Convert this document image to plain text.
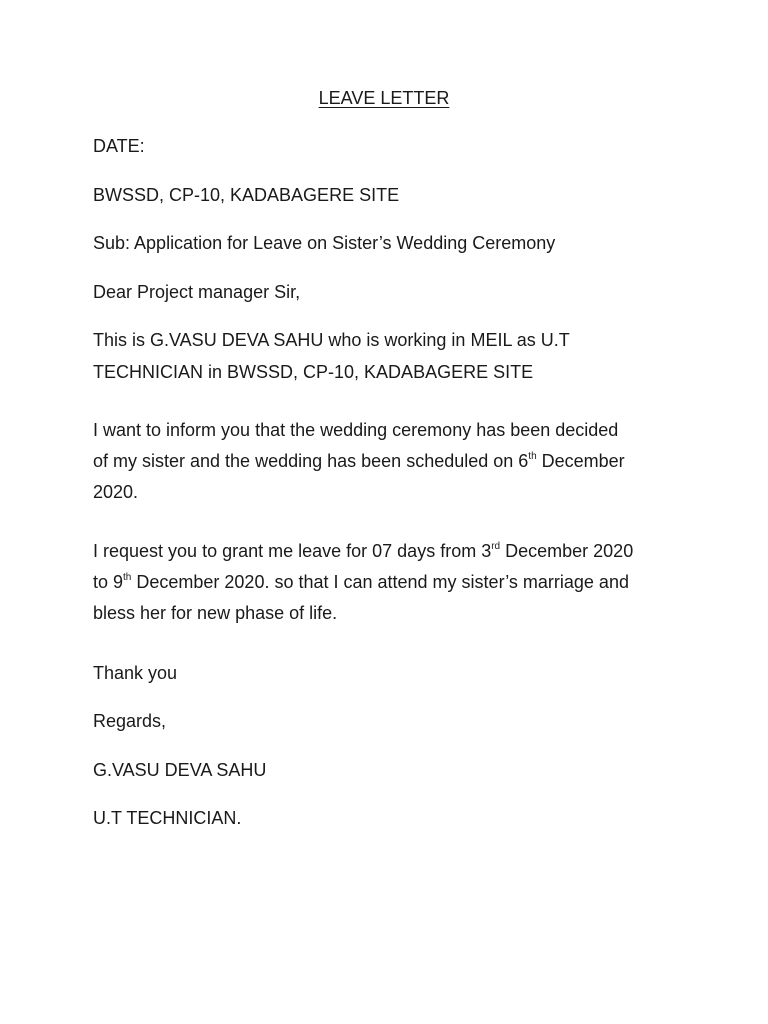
LEAVE LETTER

DATE:

BWSSD, CP-10, KADABAGERE SITE

Sub: Application for Leave on Sister’s Wedding Ceremony

Dear Project manager Sir,

This is G.VASU DEVA SAHU who is working in MEIL as U.T

TECHNICIAN in BWSSD, CP-10, KADABAGERE SITE

I want to inform you that the wedding ceremony has been decided

of my sister and the wedding has been scheduled on 6th December

2020.

I request you to grant me leave for 07 days from 3rd December 2020

to 9th December 2020. so that I can attend my sister’s marriage and

bless her for new phase of life.

Thank you

Regards,

G.VASU DEVA SAHU

U.T TECHNICIAN.
